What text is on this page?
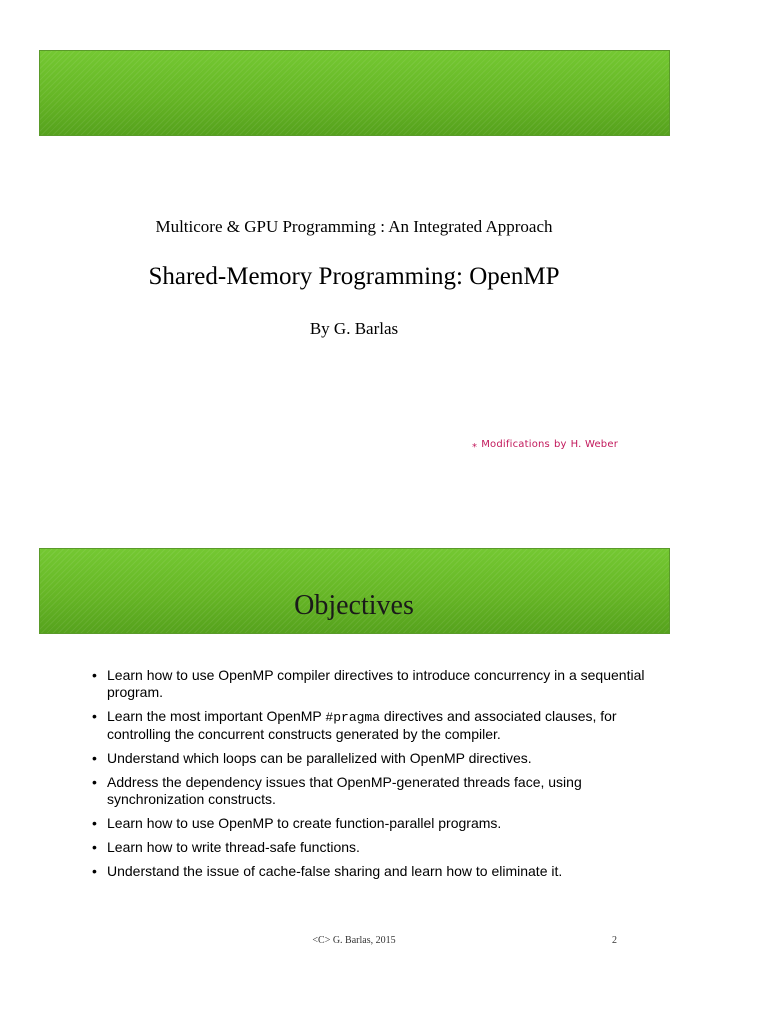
Multicore & GPU Programming : An Integrated Approach
Shared-Memory Programming: OpenMP
By G. Barlas
⁎ Modifications by H. Weber
Objectives
• Learn how to use OpenMP compiler directives to introduce concurrency in a sequential program.
• Learn the most important OpenMP #pragma directives and associated clauses, for controlling the concurrent constructs generated by the compiler.
• Understand which loops can be parallelized with OpenMP directives.
• Address the dependency issues that OpenMP-generated threads face, using synchronization constructs.
• Learn how to use OpenMP to create function-parallel programs.
• Learn how to write thread-safe functions.
• Understand the issue of cache-false sharing and learn how to eliminate it.
<C> G. Barlas, 2015	2
